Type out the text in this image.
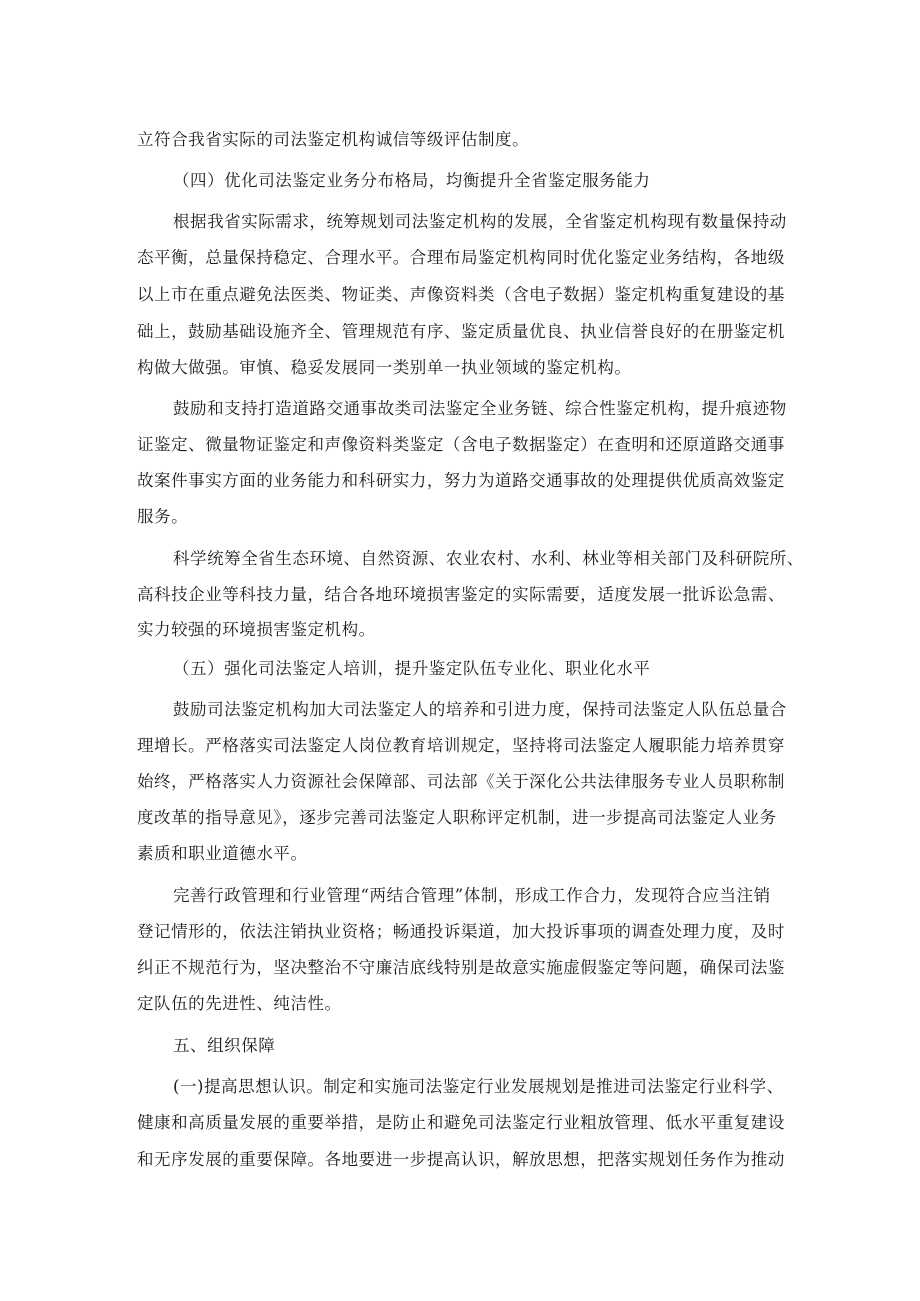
立符合我省实际的司法鉴定机构诚信等级评估制度。
（四）优化司法鉴定业务分布格局，均衡提升全省鉴定服务能力
根据我省实际需求，统筹规划司法鉴定机构的发展，全省鉴定机构现有数量保持动
态平衡，总量保持稳定、合理水平。合理布局鉴定机构同时优化鉴定业务结构，各地级
以上市在重点避免法医类、物证类、声像资料类（含电子数据）鉴定机构重复建设的基
础上，鼓励基础设施齐全、管理规范有序、鉴定质量优良、执业信誉良好的在册鉴定机
构做大做强。审慎、稳妥发展同一类别单一执业领域的鉴定机构。
鼓励和支持打造道路交通事故类司法鉴定全业务链、综合性鉴定机构，提升痕迹物
证鉴定、微量物证鉴定和声像资料类鉴定（含电子数据鉴定）在查明和还原道路交通事
故案件事实方面的业务能力和科研实力，努力为道路交通事故的处理提供优质高效鉴定
服务。
科学统筹全省生态环境、自然资源、农业农村、水利、林业等相关部门及科研院所、
高科技企业等科技力量，结合各地环境损害鉴定的实际需要，适度发展一批诉讼急需、
实力较强的环境损害鉴定机构。
（五）强化司法鉴定人培训，提升鉴定队伍专业化、职业化水平
鼓励司法鉴定机构加大司法鉴定人的培养和引进力度，保持司法鉴定人队伍总量合
理增长。严格落实司法鉴定人岗位教育培训规定，坚持将司法鉴定人履职能力培养贯穿
始终，严格落实人力资源社会保障部、司法部《关于深化公共法律服务专业人员职称制
度改革的指导意见》，逐步完善司法鉴定人职称评定机制，进一步提高司法鉴定人业务
素质和职业道德水平。
完善行政管理和行业管理“两结合管理”体制，形成工作合力，发现符合应当注销
登记情形的，依法注销执业资格；畅通投诉渠道，加大投诉事项的调查处理力度，及时
纠正不规范行为，坚决整治不守廉洁底线特别是故意实施虚假鉴定等问题，确保司法鉴
定队伍的先进性、纯洁性。
五、组织保障
(一)提高思想认识。制定和实施司法鉴定行业发展规划是推进司法鉴定行业科学、
健康和高质量发展的重要举措，是防止和避免司法鉴定行业粗放管理、低水平重复建设
和无序发展的重要保障。各地要进一步提高认识，解放思想，把落实规划任务作为推动
